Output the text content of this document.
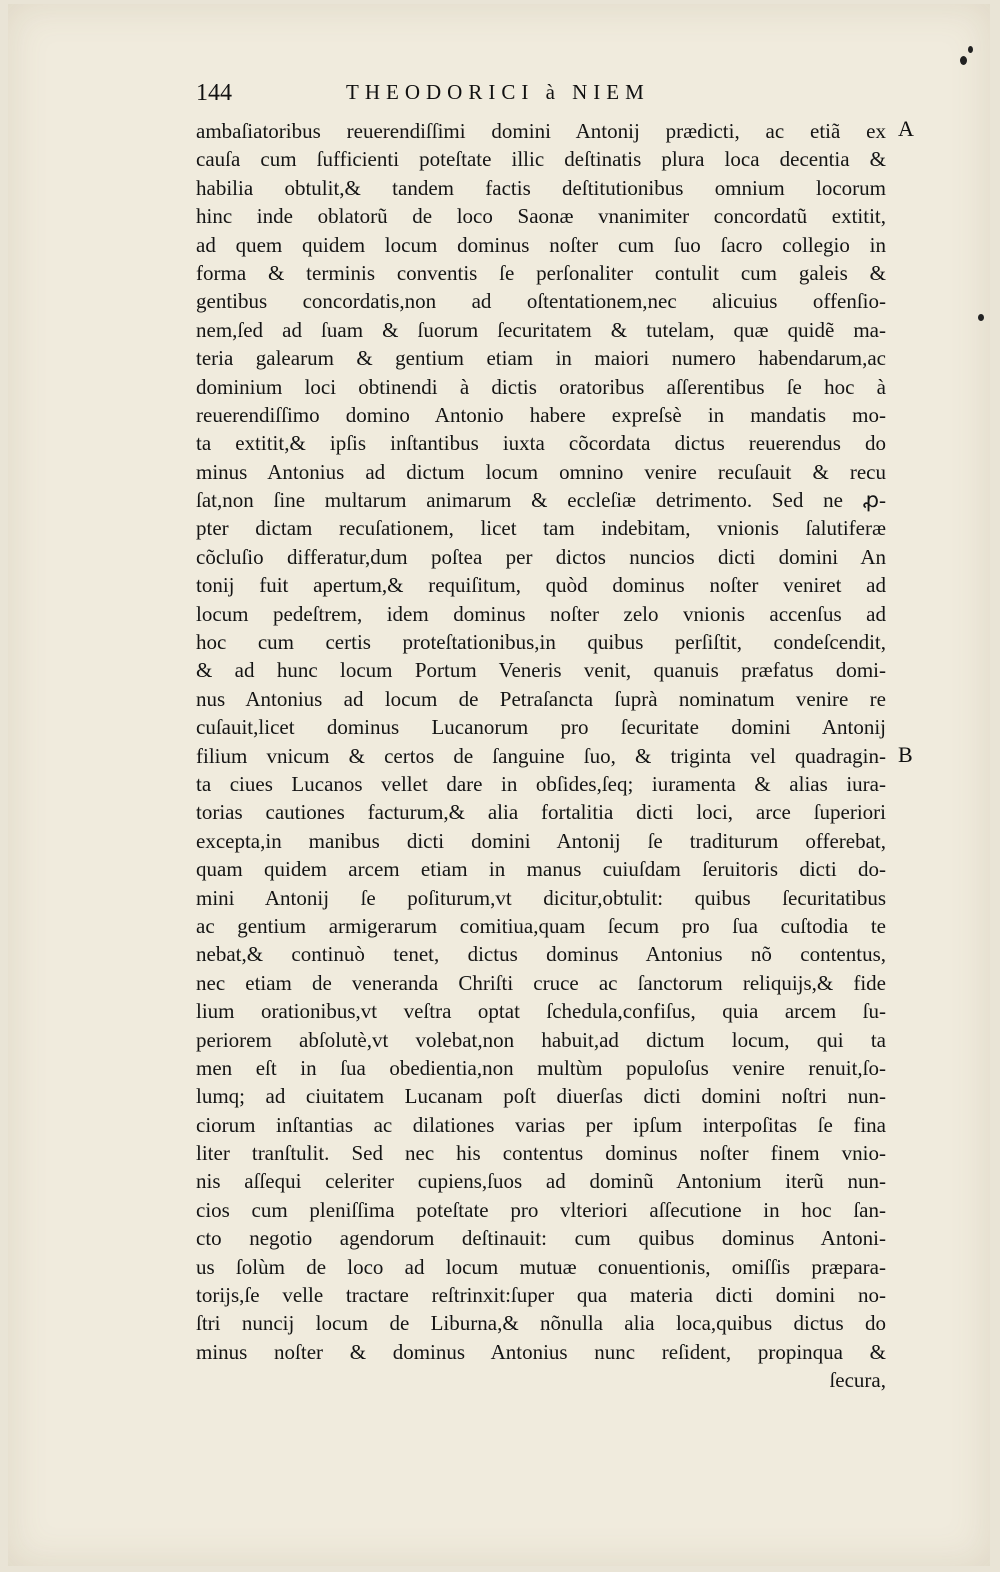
144	THEODORICI à NIEM
A
B
ambaſiatoribus reuerendiſſimi domini Antonij prædicti, ac etiã ex
cauſa cum ſufficienti poteſtate illic deſtinatis plura loca decentia &
habilia obtulit,& tandem factis deſtitutionibus omnium locorum
hinc inde oblatorũ de loco Saonæ vnanimiter concordatũ extitit,
ad quem quidem locum dominus noſter cum ſuo ſacro collegio in
forma & terminis conventis ſe perſonaliter contulit cum galeis &
gentibus concordatis,non ad oſtentationem,nec alicuius offenſio-
nem,ſed ad ſuam & ſuorum ſecuritatem & tutelam, quæ quidẽ ma-
teria galearum & gentium etiam in maiori numero habendarum,ac
dominium loci obtinendi à dictis oratoribus aſſerentibus ſe hoc à
reuerendiſſimo domino Antonio habere expreſsè in mandatis mo-
ta extitit,& ipſis inſtantibus iuxta cõcordata dictus reuerendus do
minus Antonius ad dictum locum omnino venire recuſauit & recu
ſat,non ſine multarum animarum & eccleſiæ detrimento. Sed ne ꝓ-
pter dictam recuſationem, licet tam indebitam, vnionis ſalutiferæ
cõcluſio differatur,dum poſtea per dictos nuncios dicti domini An
tonij fuit apertum,& requiſitum, quòd dominus noſter veniret ad
locum pedeſtrem, idem dominus noſter zelo vnionis accenſus ad
hoc cum certis proteſtationibus,in quibus perſiſtit, condeſcendit,
& ad hunc locum Portum Veneris venit, quanuis præfatus domi-
nus Antonius ad locum de Petraſancta ſuprà nominatum venire re
cuſauit,licet dominus Lucanorum pro ſecuritate domini Antonij
filium vnicum & certos de ſanguine ſuo, & triginta vel quadragin-
ta ciues Lucanos vellet dare in obſides,ſeq; iuramenta & alias iura-
torias cautiones facturum,& alia fortalitia dicti loci, arce ſuperiori
excepta,in manibus dicti domini Antonij ſe traditurum offerebat,
quam quidem arcem etiam in manus cuiuſdam ſeruitoris dicti do-
mini Antonij ſe poſiturum,vt dicitur,obtulit: quibus ſecuritatibus
ac gentium armigerarum comitiua,quam ſecum pro ſua cuſtodia te
nebat,& continuò tenet, dictus dominus Antonius nõ contentus,
nec etiam de veneranda Chriſti cruce ac ſanctorum reliquijs,& fide
lium orationibus,vt veſtra optat ſchedula,confiſus, quia arcem ſu-
periorem abſolutè,vt volebat,non habuit,ad dictum locum, qui ta
men eſt in ſua obedientia,non multùm populoſus venire renuit,ſo-
lumq; ad ciuitatem Lucanam poſt diuerſas dicti domini noſtri nun-
ciorum inſtantias ac dilationes varias per ipſum interpoſitas ſe fina
liter tranſtulit. Sed nec his contentus dominus noſter finem vnio-
nis aſſequi celeriter cupiens,ſuos ad dominũ Antonium iterũ nun-
cios cum pleniſſima poteſtate pro vlteriori aſſecutione in hoc ſan-
cto negotio agendorum deſtinauit: cum quibus dominus Antoni-
us ſolùm de loco ad locum mutuæ conuentionis, omiſſis præpara-
torijs,ſe velle tractare reſtrinxit:ſuper qua materia dicti domini no-
ſtri nuncij locum de Liburna,& nõnulla alia loca,quibus dictus do
minus noſter & dominus Antonius nunc reſident, propinqua &
ſecura,
